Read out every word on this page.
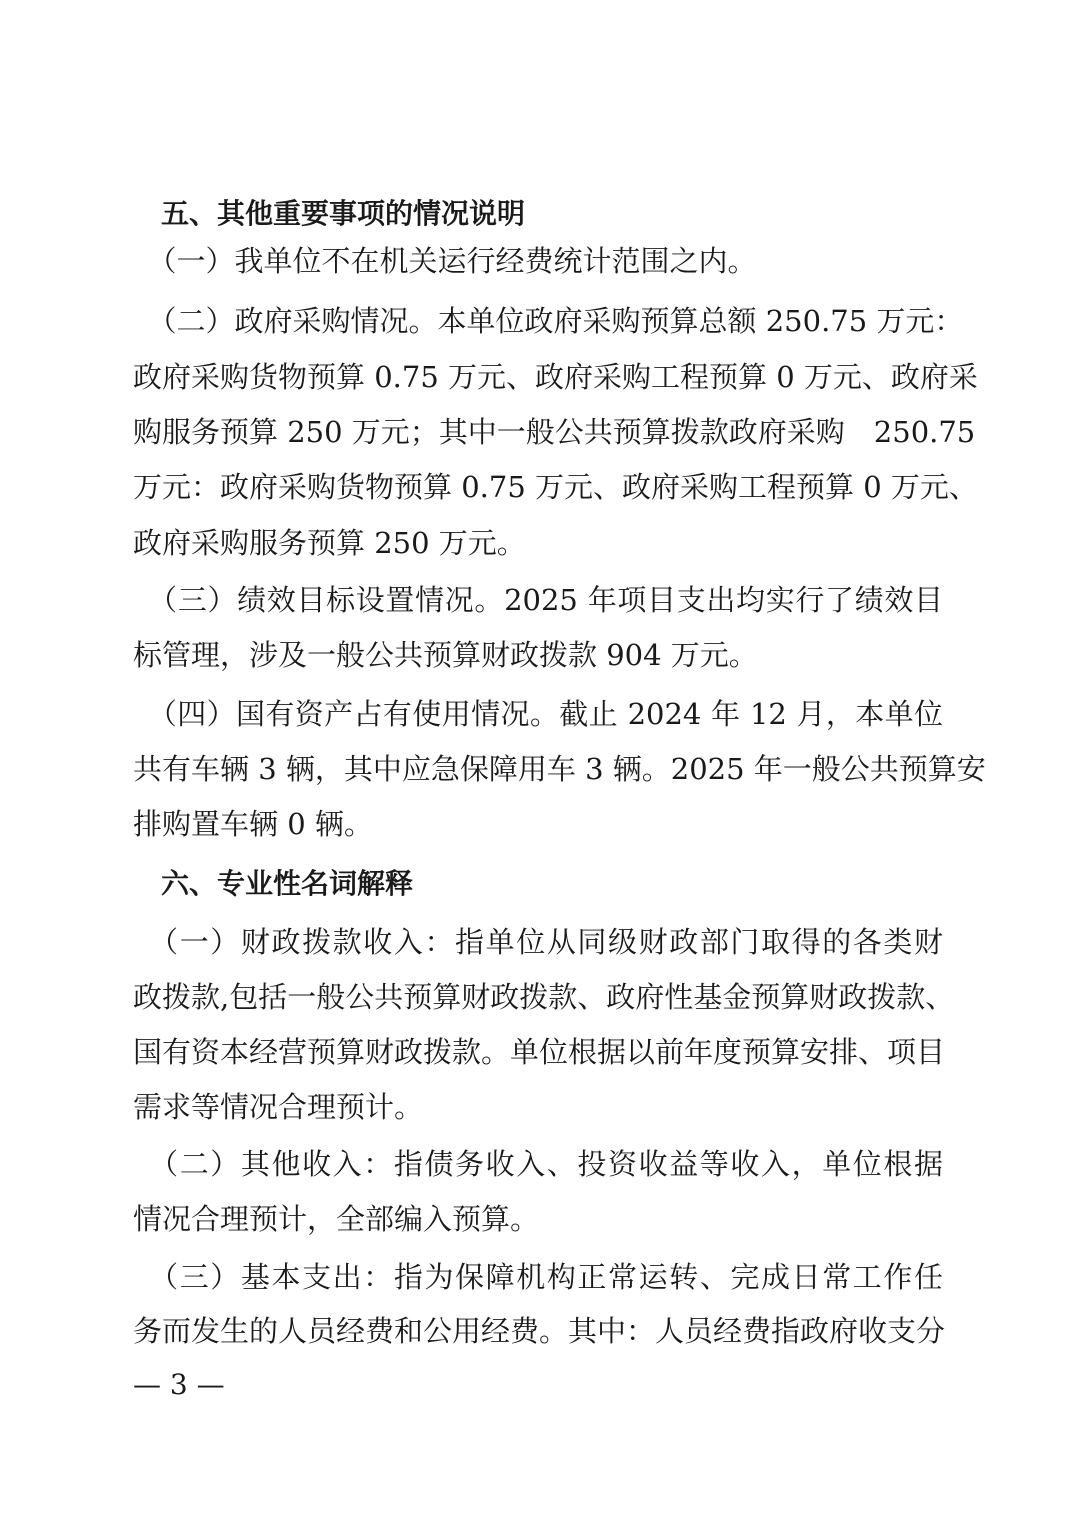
　五、其他重要事项的情况说明
　（一）我单位不在机关运行经费统计范围之内。
　（二）政府采购情况。本单位政府采购预算总额 250.75 万元：
政府采购货物预算 0.75 万元、政府采购工程预算 0 万元、政府采
购服务预算 250 万元；其中一般公共预算拨款政府采购　250.75
万元：政府采购货物预算 0.75 万元、政府采购工程预算 0 万元、
政府采购服务预算 250 万元。
　（三）绩效目标设置情况。2025 年项目支出均实行了绩效目
标管理，涉及一般公共预算财政拨款 904 万元。
　（四）国有资产占有使用情况。截止 2024 年 12 月，本单位
共有车辆 3 辆，其中应急保障用车 3 辆。2025 年一般公共预算安
排购置车辆 0 辆。
　六、专业性名词解释
　（一）财政拨款收入：指单位从同级财政部门取得的各类财
政拨款,包括一般公共预算财政拨款、政府性基金预算财政拨款、
国有资本经营预算财政拨款。单位根据以前年度预算安排、项目
需求等情况合理预计。
　（二）其他收入：指债务收入、投资收益等收入，单位根据
情况合理预计，全部编入预算。
　（三）基本支出：指为保障机构正常运转、完成日常工作任
务而发生的人员经费和公用经费。其中：人员经费指政府收支分
— 3 —
